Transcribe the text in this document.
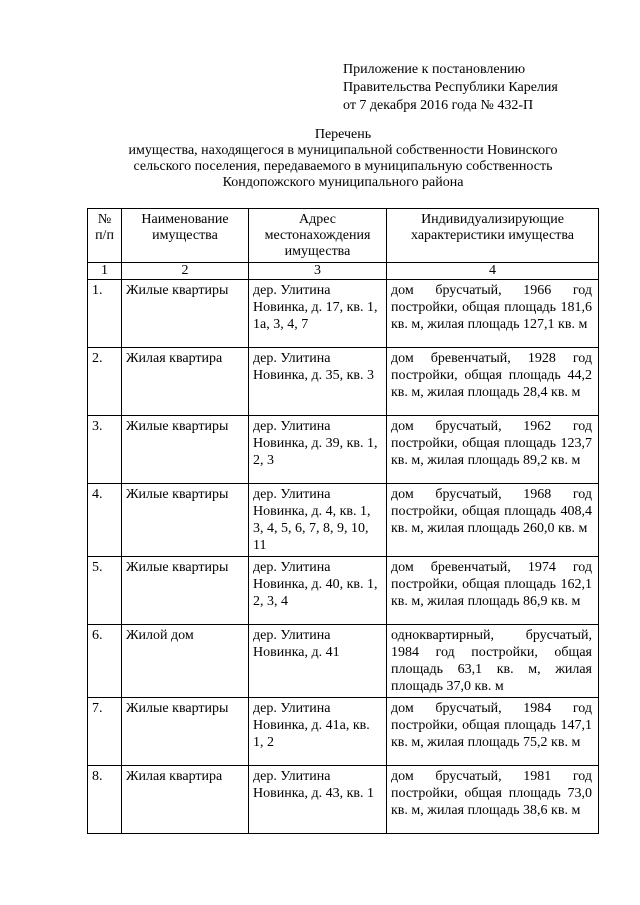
Приложение к постановлению
Правительства Республики Карелия
от 7 декабря 2016 года № 432-П
Перечень
имущества, находящегося в муниципальной собственности Новинского
сельского поселения, передаваемого в муниципальную собственность
Кондопожского муниципального района
№ п/п	Наименование имущества	Адрес местонахождения имущества	Индивидуализирующие характеристики имущества
1	2	3	4
1.	Жилые квартиры	дер. Улитина Новинка, д. 17, кв. 1, 1а, 3, 4, 7	дом брусчатый, 1966 год постройки, общая площадь 181,6 кв. м, жилая площадь 127,1 кв. м
2.	Жилая квартира	дер. Улитина Новинка, д. 35, кв. 3	дом бревенчатый, 1928 год постройки, общая площадь 44,2 кв. м, жилая площадь 28,4 кв. м
3.	Жилые квартиры	дер. Улитина Новинка, д. 39, кв. 1, 2, 3	дом брусчатый, 1962 год постройки, общая площадь 123,7 кв. м, жилая площадь 89,2 кв. м
4.	Жилые квартиры	дер. Улитина Новинка, д. 4, кв. 1, 3, 4, 5, 6, 7, 8, 9, 10, 11	дом брусчатый, 1968 год постройки, общая площадь 408,4 кв. м, жилая площадь 260,0 кв. м
5.	Жилые квартиры	дер. Улитина Новинка, д. 40, кв. 1, 2, 3, 4	дом бревенчатый, 1974 год постройки, общая площадь 162,1 кв. м, жилая площадь 86,9 кв. м
6.	Жилой дом	дер. Улитина Новинка, д. 41	одноквартирный, брусчатый, 1984 год постройки, общая площадь 63,1 кв. м, жилая площадь 37,0 кв. м
7.	Жилые квартиры	дер. Улитина Новинка, д. 41а, кв. 1, 2	дом брусчатый, 1984 год постройки, общая площадь 147,1 кв. м, жилая площадь 75,2 кв. м
8.	Жилая квартира	дер. Улитина Новинка, д. 43, кв. 1	дом брусчатый, 1981 год постройки, общая площадь 73,0 кв. м, жилая площадь 38,6 кв. м
